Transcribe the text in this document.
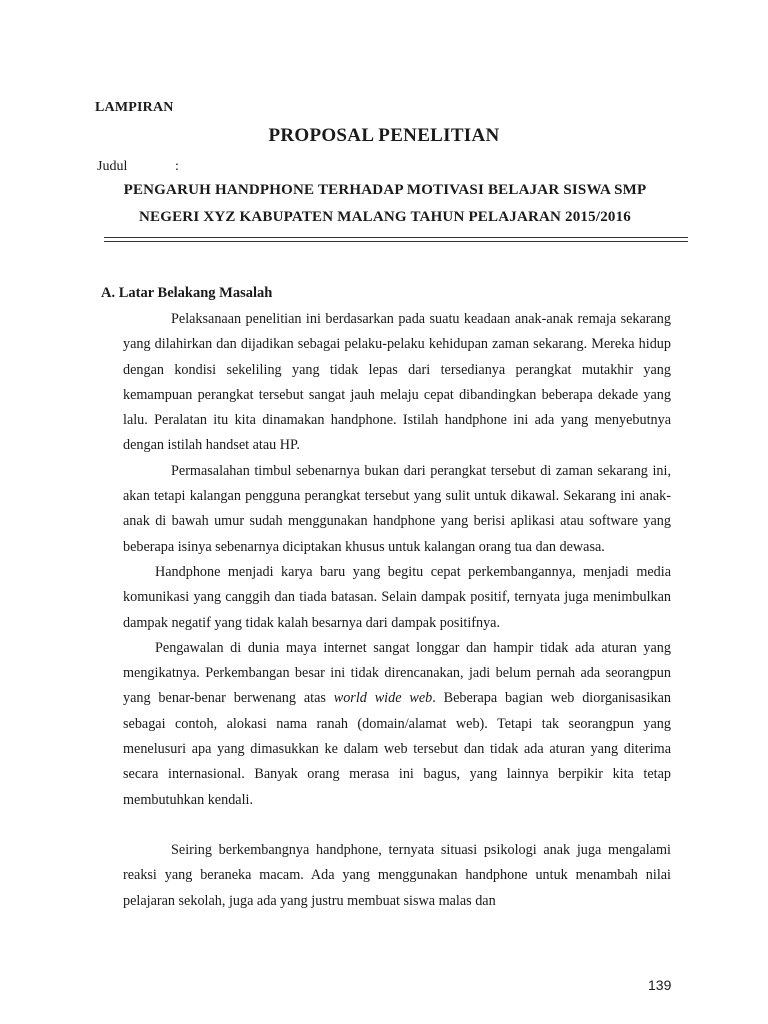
LAMPIRAN
PROPOSAL PENELITIAN
Judul	:
PENGARUH HANDPHONE TERHADAP MOTIVASI BELAJAR SISWA SMP
NEGERI XYZ KABUPATEN MALANG TAHUN PELAJARAN 2015/2016
A. Latar Belakang Masalah

Pelaksanaan penelitian ini berdasarkan pada suatu keadaan anak-anak remaja sekarang yang dilahirkan dan dijadikan sebagai pelaku-pelaku kehidupan zaman sekarang. Mereka hidup dengan kondisi sekeliling yang tidak lepas dari tersedianya perangkat mutakhir yang kemampuan perangkat tersebut sangat jauh melaju cepat dibandingkan beberapa dekade yang lalu. Peralatan itu kita dinamakan handphone. Istilah handphone ini ada yang menyebutnya dengan istilah handset atau HP.

Permasalahan timbul sebenarnya bukan dari perangkat tersebut di zaman sekarang ini, akan tetapi kalangan pengguna perangkat tersebut yang sulit untuk dikawal. Sekarang ini anak-anak di bawah umur sudah menggunakan handphone yang berisi aplikasi atau software yang beberapa isinya sebenarnya diciptakan khusus untuk kalangan orang tua dan dewasa.

Handphone menjadi karya baru yang begitu cepat perkembangannya, menjadi media komunikasi yang canggih dan tiada batasan. Selain dampak positif, ternyata juga menimbulkan dampak negatif yang tidak kalah besarnya dari dampak positifnya.

Pengawalan di dunia maya internet sangat longgar dan hampir tidak ada aturan yang mengikatnya. Perkembangan besar ini tidak direncanakan, jadi belum pernah ada seorangpun yang benar-benar berwenang atas world wide web. Beberapa bagian web diorganisasikan sebagai contoh, alokasi nama ranah (domain/alamat web). Tetapi tak seorangpun yang menelusuri apa yang dimasukkan ke dalam web tersebut dan tidak ada aturan yang diterima secara internasional. Banyak orang merasa ini bagus, yang lainnya berpikir kita tetap membutuhkan kendali.

Seiring berkembangnya handphone, ternyata situasi psikologi anak juga mengalami reaksi yang beraneka macam. Ada yang menggunakan handphone untuk menambah nilai pelajaran sekolah, juga ada yang justru membuat siswa malas dan

139
